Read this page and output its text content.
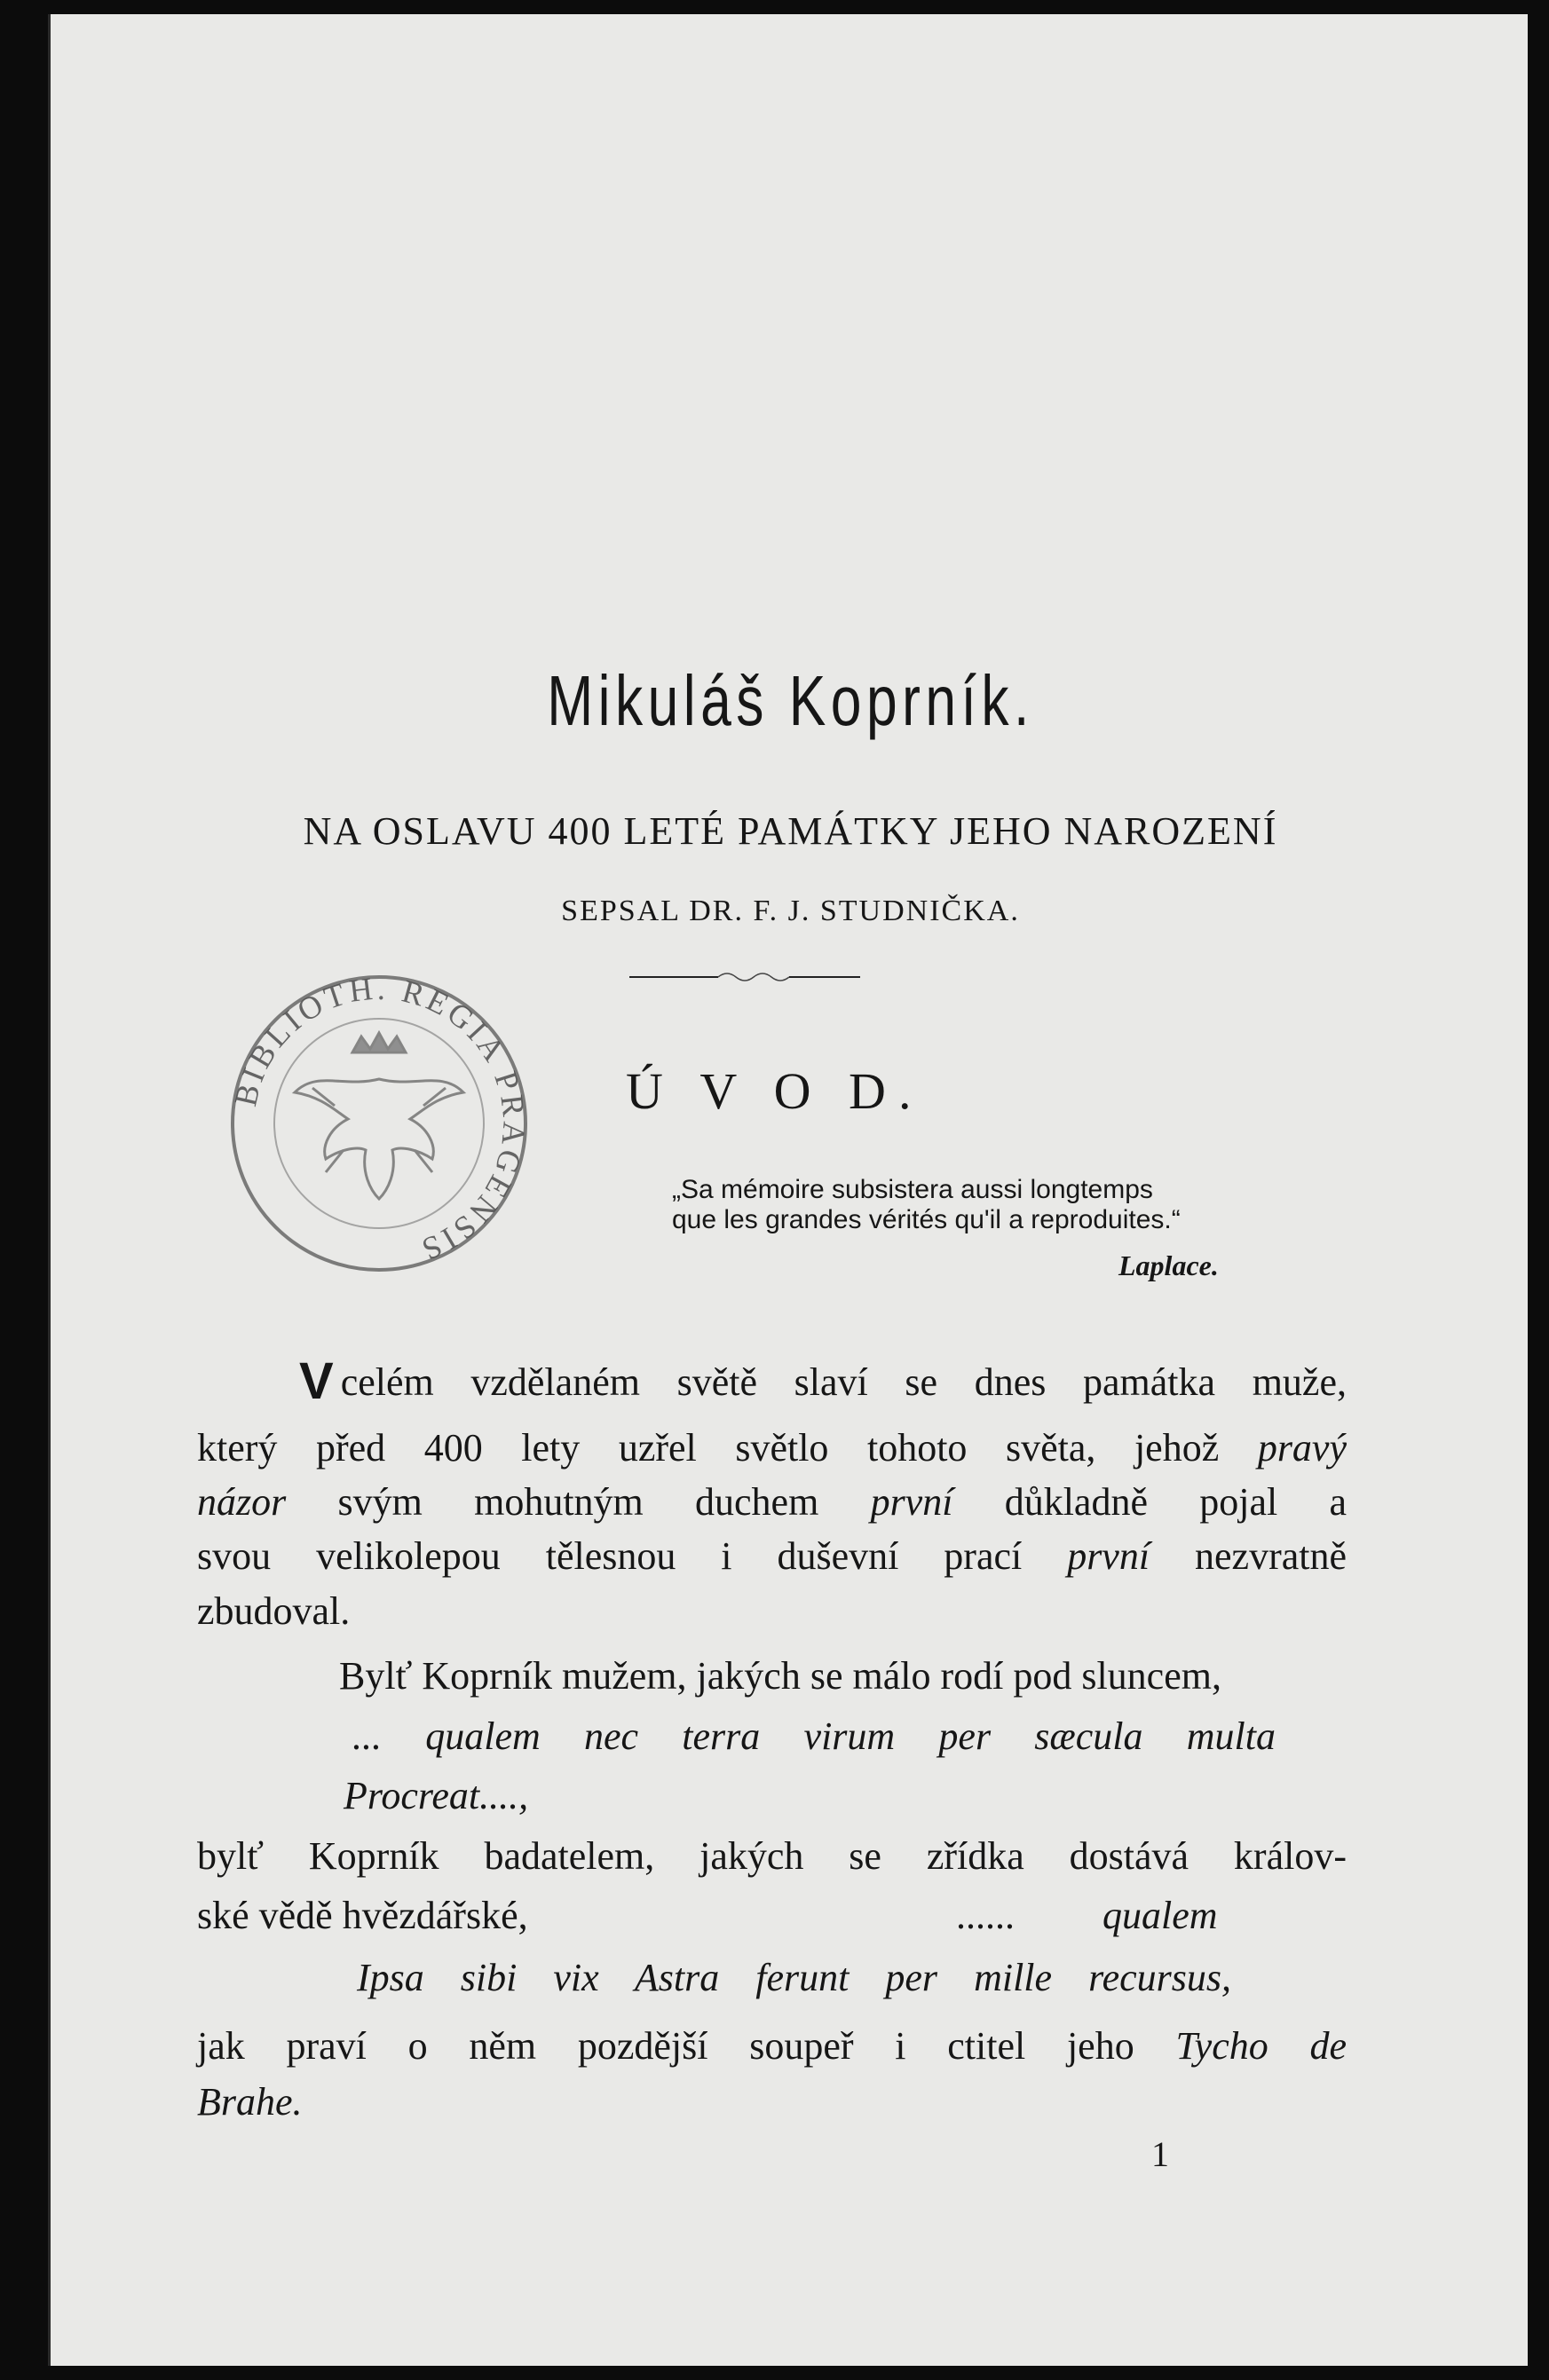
Mikuláš Koprník.
NA OSLAVU 400 LETÉ PAMÁTKY JEHO NAROZENÍ
SEPSAL DR. F. J. STUDNIČKA.
BIBLIOTH. REGIA PRAGENSIS
Ú V O D.
„Sa mémoire subsistera aussi longtemps
que les grandes vérités qu'il a reproduites.“
Laplace.
V celém vzdělaném světě slaví se dnes památka muže,
který před 400 lety uzřel světlo tohoto světa, jehož pravý
názor svým mohutným duchem první důkladně pojal a
svou velikolepou tělesnou i duševní prací první nezvratně
zbudoval.
Bylť Koprník mužem, jakých se málo rodí pod sluncem,
... qualem nec terra virum per sæcula multa
Procreat....,
bylť Koprník badatelem, jakých se zřídka dostává králov-
ské vědě hvězdářské,	......	qualem
Ipsa sibi vix Astra ferunt per mille recursus,
jak praví o něm pozdější soupeř i ctitel jeho Tycho de
Brahe.
1
